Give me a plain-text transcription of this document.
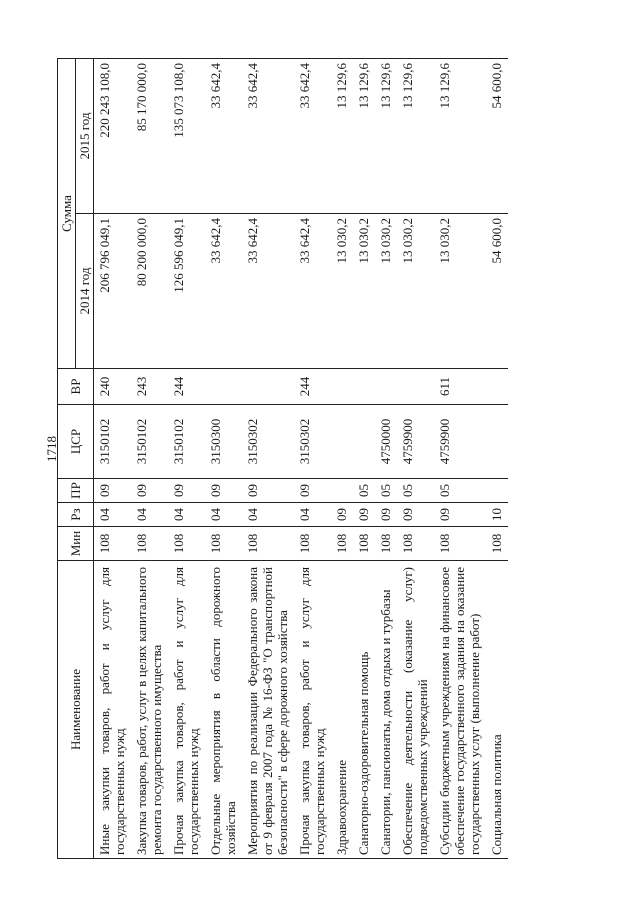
1718
Наименование	Мин	Рз	ПР	ЦСР	ВР	Сумма	
						2014 год	2015 год
Иные закупки товаров, работ и услуг для государственных нужд	108	04	09	3150102	240	206 796 049,1	220 243 108,0
Закупка товаров, работ, услуг в целях капитального ремонта государственного имущества	108	04	09	3150102	243	80 200 000,0	85 170 000,0
Прочая закупка товаров, работ и услуг для государственных нужд	108	04	09	3150102	244	126 596 049,1	135 073 108,0
Отдельные мероприятия в области дорожного хозяйства	108	04	09	3150300		33 642,4	33 642,4
Мероприятия по реализации Федерального закона от 9 февраля 2007 года № 16-ФЗ "О транспортной безопасности" в сфере дорожного хозяйства	108	04	09	3150302		33 642,4	33 642,4
Прочая закупка товаров, работ и услуг для государственных нужд	108	04	09	3150302	244	33 642,4	33 642,4
Здравоохранение	108	09				13 030,2	13 129,6
Санаторно-оздоровительная помощь	108	09	05			13 030,2	13 129,6
Санатории, пансионаты, дома отдыха и турбазы	108	09	05	4750000		13 030,2	13 129,6
Обеспечение деятельности (оказание услуг) подведомственных учреждений	108	09	05	4759900		13 030,2	13 129,6
Субсидии бюджетным учреждениям на финансовое обеспечение государственного задания на оказание государственных услуг (выполнение работ)	108	09	05	4759900	611	13 030,2	13 129,6
Социальная политика	108	10				54 600,0	54 600,0
